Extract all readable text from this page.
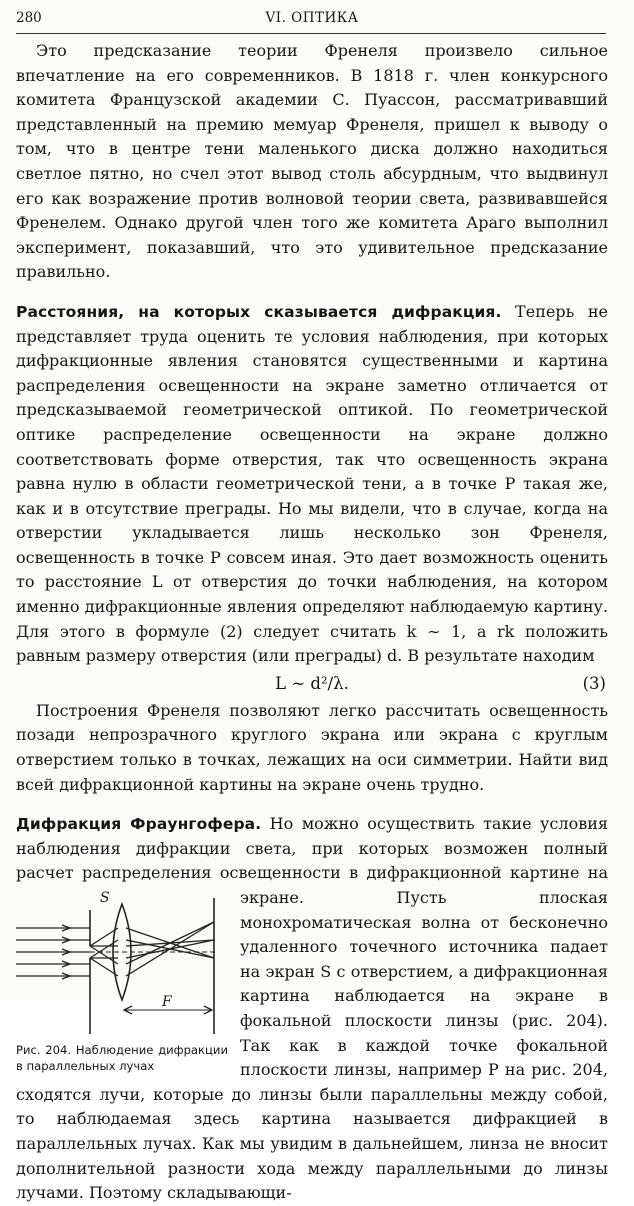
280	VI. ОПТИКА

Это предсказание теории Френеля произвело сильное впечатление на его современников. В 1818 г. член конкурсного комитета Французской академии С. Пуассон, рассматривавший представленный на премию мемуар Френеля, пришел к выводу о том, что в центре тени маленького диска должно находиться светлое пятно, но счел этот вывод столь абсурдным, что выдвинул его как возражение против волновой теории света, развивавшейся Френелем. Однако другой член того же комитета Араго выполнил эксперимент, показавший, что это удивительное предсказание правильно.

Расстояния, на которых сказывается дифракция. Теперь не представляет труда оценить те условия наблюдения, при которых дифракционные явления становятся существенными и картина распределения освещенности на экране заметно отличается от предсказываемой геометрической оптикой. По геометрической оптике распределение освещенности на экране должно соответствовать форме отверстия, так что освещенность экрана равна нулю в области геометрической тени, а в точке P такая же, как и в отсутствие преграды. Но мы видели, что в случае, когда на отверстии укладывается лишь несколько зон Френеля, освещенность в точке P совсем иная. Это дает возможность оценить то расстояние L от отверстия до точки наблюдения, на котором именно дифракционные явления определяют наблюдаемую картину. Для этого в формуле (2) следует считать k ∼ 1, а rk положить равным размеру отверстия (или преграды) d. В результате находим

L ∼ d²/λ.	(3)

Построения Френеля позволяют легко рассчитать освещенность позади непрозрачного круглого экрана или экрана с круглым отверстием только в точках, лежащих на оси симметрии. Найти вид всей дифракционной картины на экране очень трудно.

Дифракция Фраунгофера. Но можно осуществить такие условия наблюдения дифракции света, при которых возможен полный расчет распределения освещенности в дифракционной картине на экране.
S
F
Рис. 204. Наблюдение дифракции в параллельных лучах
Пусть плоская монохроматическая волна от бесконечно удаленного точечного источника падает на экран S с отверстием, а дифракционная картина наблюдается на экране в фокальной плоскости линзы (рис. 204). Так как в каждой точке фокальной плоскости линзы, например P на рис. 204, сходятся лучи, которые до линзы были параллельны между собой, то наблюдаемая здесь картина называется дифракцией в параллельных лучах. Как мы увидим в дальнейшем, линза не вносит дополнительной разности хода между параллельными до линзы лучами. Поэтому складывающи-
